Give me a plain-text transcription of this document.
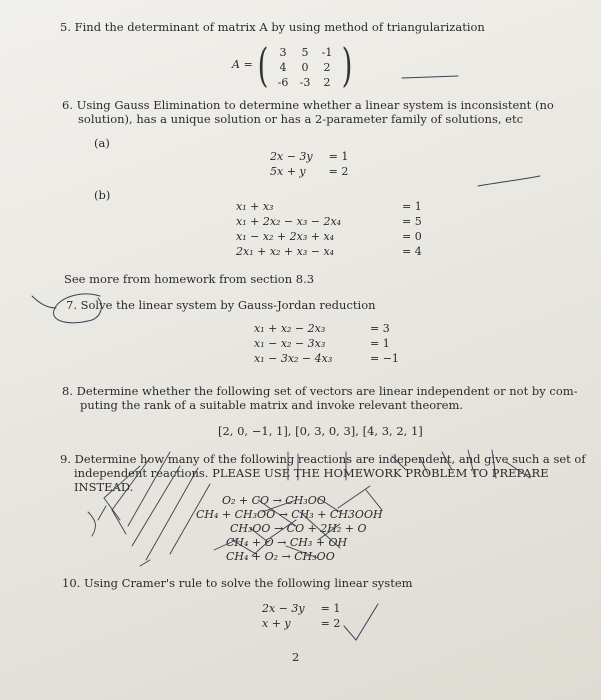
5. Find the determinant of matrix A by using method of triangularization
A = (	3	5	-1
4	0	2
-6	-3	2 )
6. Using Gauss Elimination to determine whether a linear system is inconsistent (no
solution), has a unique solution or has a 2-parameter family of solutions, etc
(a)
2x − 3y = 1
5x + y	= 2
(b)
x₁ + x₃	= 1
x₁ + 2x₂ − x₃ − 2x₄	= 5
x₁ − x₂ + 2x₃ + x₄	= 0
2x₁ + x₂ + x₃ − x₄	= 4
See more from homework from section 8.3
7. Solve the linear system by Gauss-Jordan reduction
x₁ + x₂ − 2x₃	= 3
x₁ − x₂ − 3x₃	= 1
x₁ − 3x₂ − 4x₃	= −1
8. Determine whether the following set of vectors are linear independent or not by com-
puting the rank of a suitable matrix and invoke relevant theorem.
[2, 0, −1, 1], [0, 3, 0, 3], [4, 3, 2, 1]
9. Determine how many of the following reactions are independent, and give such a set of
independent reactions. PLEASE USE THE HOMEWORK PROBLEM TO PREPARE
INSTEAD.
O₂ + CO → CH₃OO
CH₄ + CH₃OO → CH₃ + CH3OOH
CH₃OO → CO + 2H₂ + O
CH₄ + O → CH₃ + OH
CH₄ + O₂ → CH₃OO
10. Using Cramer's rule to solve the following linear system
2x − 3y = 1
x + y	= 2
2
